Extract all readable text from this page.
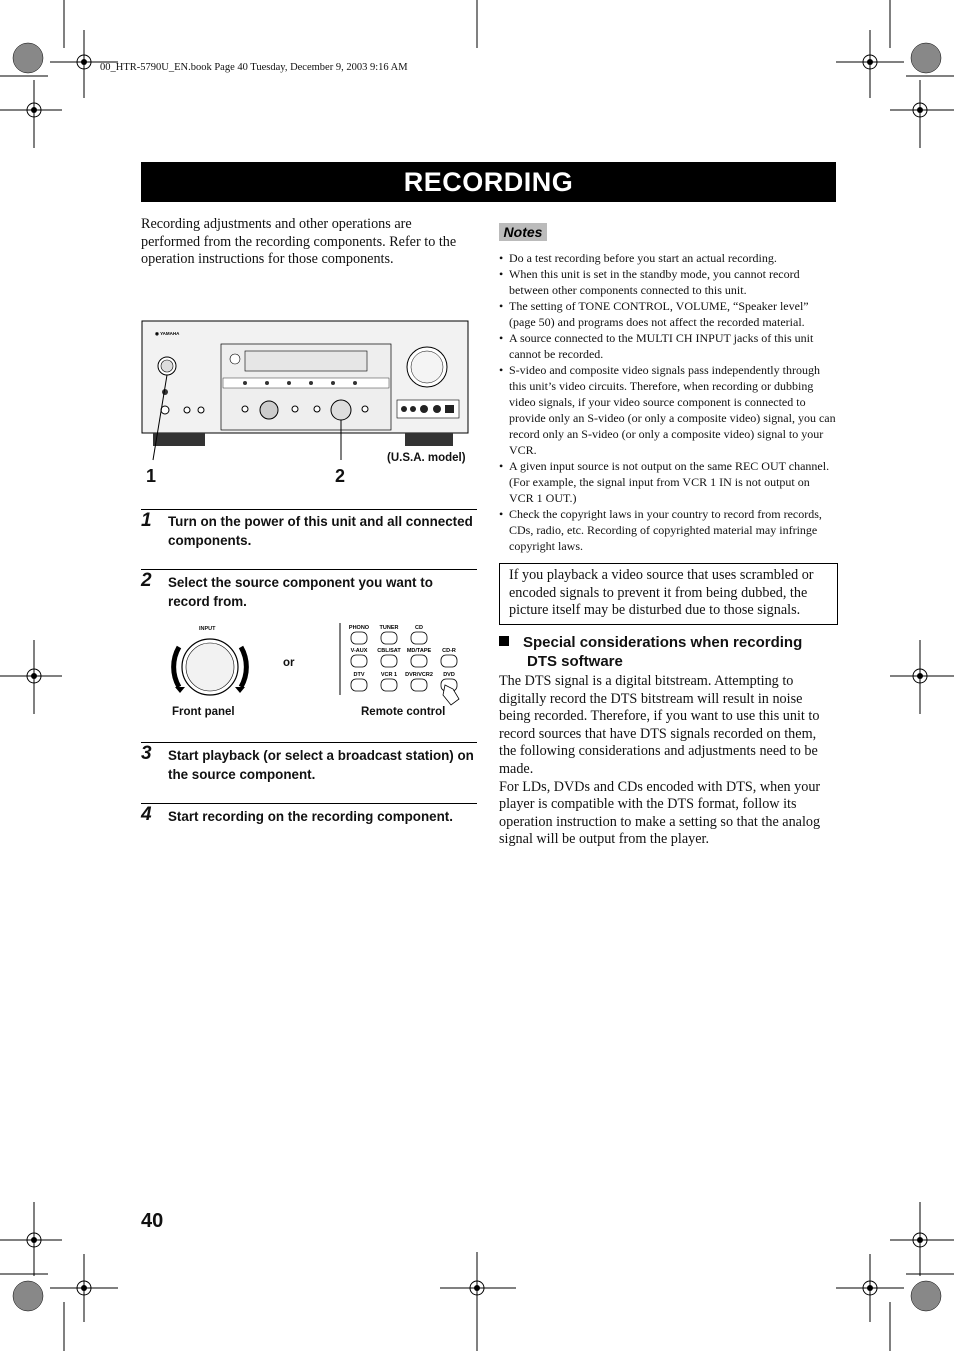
00_HTR-5790U_EN.book Page 40 Tuesday, December 9, 2003 9:16 AM
RECORDING
Recording adjustments and other operations are performed from the recording components. Refer to the operation instructions for those components.
◉ YAMAHA
1	2
(U.S.A. model)
1 Turn on the power of this unit and all connected components.
2 Select the source component you want to record from.
INPUT
or
PHONO TUNER	CD
V-AUX CBL/SAT MD/TAPE CD-R
DTV	VCR 1 DVR/VCR2 DVD
Front panel	Remote control
3 Start playback (or select a broadcast station) on the source component.
4 Start recording on the recording component.
Notes
• Do a test recording before you start an actual recording.
• When this unit is set in the standby mode, you cannot record between other components connected to this unit.
• The setting of TONE CONTROL, VOLUME, “Speaker level” (page 50) and programs does not affect the recorded material.
• A source connected to the MULTI CH INPUT jacks of this unit cannot be recorded.
• S-video and composite video signals pass independently through this unit’s video circuits. Therefore, when recording or dubbing video signals, if your video source component is connected to provide only an S-video (or only a composite video) signal, you can record only an S-video (or only a composite video) signal to your VCR.
• A given input source is not output on the same REC OUT channel. (For example, the signal input from VCR 1 IN is not output on VCR 1 OUT.)
• Check the copyright laws in your country to record from records, CDs, radio, etc. Recording of copyrighted material may infringe copyright laws.
If you playback a video source that uses scrambled or encoded signals to prevent it from being dubbed, the picture itself may be disturbed due to those signals.
Special considerations when recording
DTS software
The DTS signal is a digital bitstream. Attempting to digitally record the DTS bitstream will result in noise being recorded. Therefore, if you want to use this unit to record sources that have DTS signals recorded on them, the following considerations and adjustments need to be made.
For LDs, DVDs and CDs encoded with DTS, when your player is compatible with the DTS format, follow its operation instruction to make a setting so that the analog signal will be output from the player.
40
